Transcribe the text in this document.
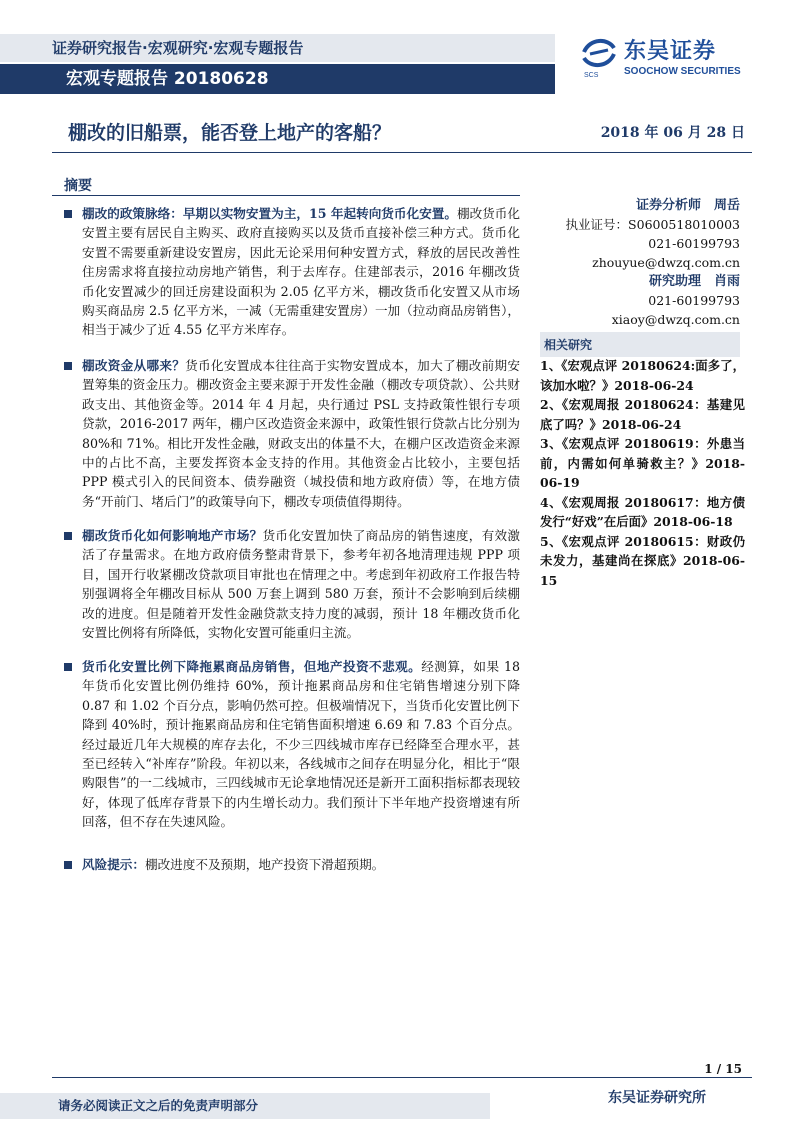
证券研究报告·宏观研究·宏观专题报告
宏观专题报告 20180628	SCS
东吴证券
SOOCHOW SECURITIES
棚改的旧船票，能否登上地产的客船？	2018 年 06 月 28 日
摘要
棚改的政策脉络：早期以实物安置为主，15 年起转向货币化安置。棚改货币化安置主要有居民自主购买、政府直接购买以及货币直接补偿三种方式。货币化安置不需要重新建设安置房，因此无论采用何种安置方式，释放的居民改善性住房需求将直接拉动房地产销售，利于去库存。住建部表示，2016 年棚改货币化安置减少的回迁房建设面积为 2.05 亿平方米，棚改货币化安置又从市场购买商品房 2.5 亿平方米，一减（无需重建安置房）一加（拉动商品房销售），相当于减少了近 4.55 亿平方米库存。
棚改资金从哪来？货币化安置成本往往高于实物安置成本，加大了棚改前期安置筹集的资金压力。棚改资金主要来源于开发性金融（棚改专项贷款）、公共财政支出、其他资金等。2014 年 4 月起，央行通过 PSL 支持政策性银行专项贷款，2016-2017 两年，棚户区改造资金来源中，政策性银行贷款占比分别为 80%和 71%。相比开发性金融，财政支出的体量不大，在棚户区改造资金来源中的占比不高，主要发挥资本金支持的作用。其他资金占比较小，主要包括 PPP 模式引入的民间资本、债券融资（城投债和地方政府债）等，在地方债务“开前门、堵后门”的政策导向下，棚改专项债值得期待。
棚改货币化如何影响地产市场？货币化安置加快了商品房的销售速度，有效激活了存量需求。在地方政府债务整肃背景下，参考年初各地清理违规 PPP 项目，国开行收紧棚改贷款项目审批也在情理之中。考虑到年初政府工作报告特别强调将全年棚改目标从 500 万套上调到 580 万套，预计不会影响到后续棚改的进度。但是随着开发性金融贷款支持力度的减弱，预计 18 年棚改货币化安置比例将有所降低，实物化安置可能重归主流。
货币化安置比例下降拖累商品房销售，但地产投资不悲观。经测算，如果 18 年货币化安置比例仍维持 60%，预计拖累商品房和住宅销售增速分别下降 0.87 和 1.02 个百分点，影响仍然可控。但极端情况下，当货币化安置比例下降到 40%时，预计拖累商品房和住宅销售面积增速 6.69 和 7.83 个百分点。经过最近几年大规模的库存去化，不少三四线城市库存已经降至合理水平，甚至已经转入“补库存”阶段。年初以来，各线城市之间存在明显分化，相比于“限购限售”的一二线城市，三四线城市无论拿地情况还是新开工面积指标都表现较好，体现了低库存背景下的内生增长动力。我们预计下半年地产投资增速有所回落，但不存在失速风险。
风险提示：棚改进度不及预期，地产投资下滑超预期。
证券分析师　周岳
执业证号：S0600518010003
021-60199793
zhouyue@dwzq.com.cn
研究助理　肖雨
021-60199793
xiaoy@dwzq.com.cn
相关研究
1、《宏观点评 20180624:面多了，该加水啦？》2018-06-24
2、《宏观周报 20180624：基建见底了吗？》2018-06-24
3、《宏观点评 20180619：外患当前，内需如何单骑救主？》2018-06-19
4、《宏观周报 20180617：地方债发行“好戏”在后面》2018-06-18
5、《宏观点评 20180615：财政仍未发力，基建尚在探底》2018-06-15
1 / 15
请务必阅读正文之后的免责声明部分	东吴证券研究所
